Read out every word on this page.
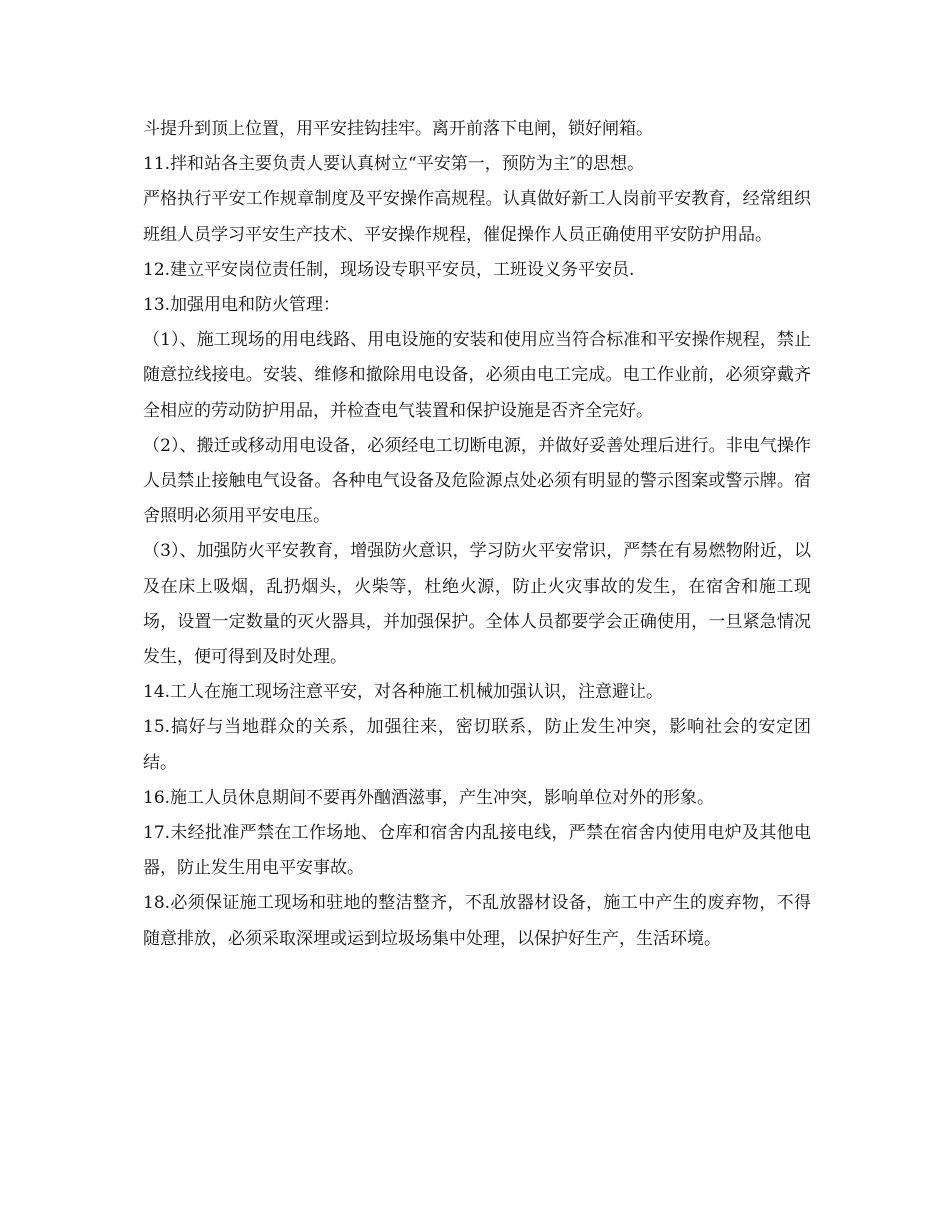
斗提升到顶上位置，用平安挂钩挂牢。离开前落下电闸，锁好闸箱。

11.拌和站各主要负责人要认真树立“平安第一，预防为主″的思想。

严格执行平安工作规章制度及平安操作高规程。认真做好新工人岗前平安教育，经常组织班组人员学习平安生产技术、平安操作规程，催促操作人员正确使用平安防护用品。

12.建立平安岗位责任制，现场设专职平安员，工班设义务平安员.

13.加强用电和防火管理：

（1）、施工现场的用电线路、用电设施的安装和使用应当符合标准和平安操作规程，禁止随意拉线接电。安装、维修和撤除用电设备，必须由电工完成。电工作业前，必须穿戴齐全相应的劳动防护用品，并检查电气装置和保护设施是否齐全完好。

（2）、搬迁或移动用电设备，必须经电工切断电源，并做好妥善处理后进行。非电气操作人员禁止接触电气设备。各种电气设备及危险源点处必须有明显的警示图案或警示牌。宿舍照明必须用平安电压。

（3）、加强防火平安教育，增强防火意识，学习防火平安常识，严禁在有易燃物附近，以及在床上吸烟，乱扔烟头，火柴等，杜绝火源，防止火灾事故的发生，在宿舍和施工现场，设置一定数量的灭火器具，并加强保护。全体人员都要学会正确使用，一旦紧急情况发生，便可得到及时处理。

14.工人在施工现场注意平安，对各种施工机械加强认识，注意避让。

15.搞好与当地群众的关系，加强往来，密切联系，防止发生冲突，影响社会的安定团结。

16.施工人员休息期间不要再外酗酒滋事，产生冲突，影响单位对外的形象。

17.未经批准严禁在工作场地、仓库和宿舍内乱接电线，严禁在宿舍内使用电炉及其他电器，防止发生用电平安事故。

18.必须保证施工现场和驻地的整洁整齐，不乱放器材设备，施工中产生的废弃物，不得随意排放，必须采取深埋或运到垃圾场集中处理，以保护好生产，生活环境。
